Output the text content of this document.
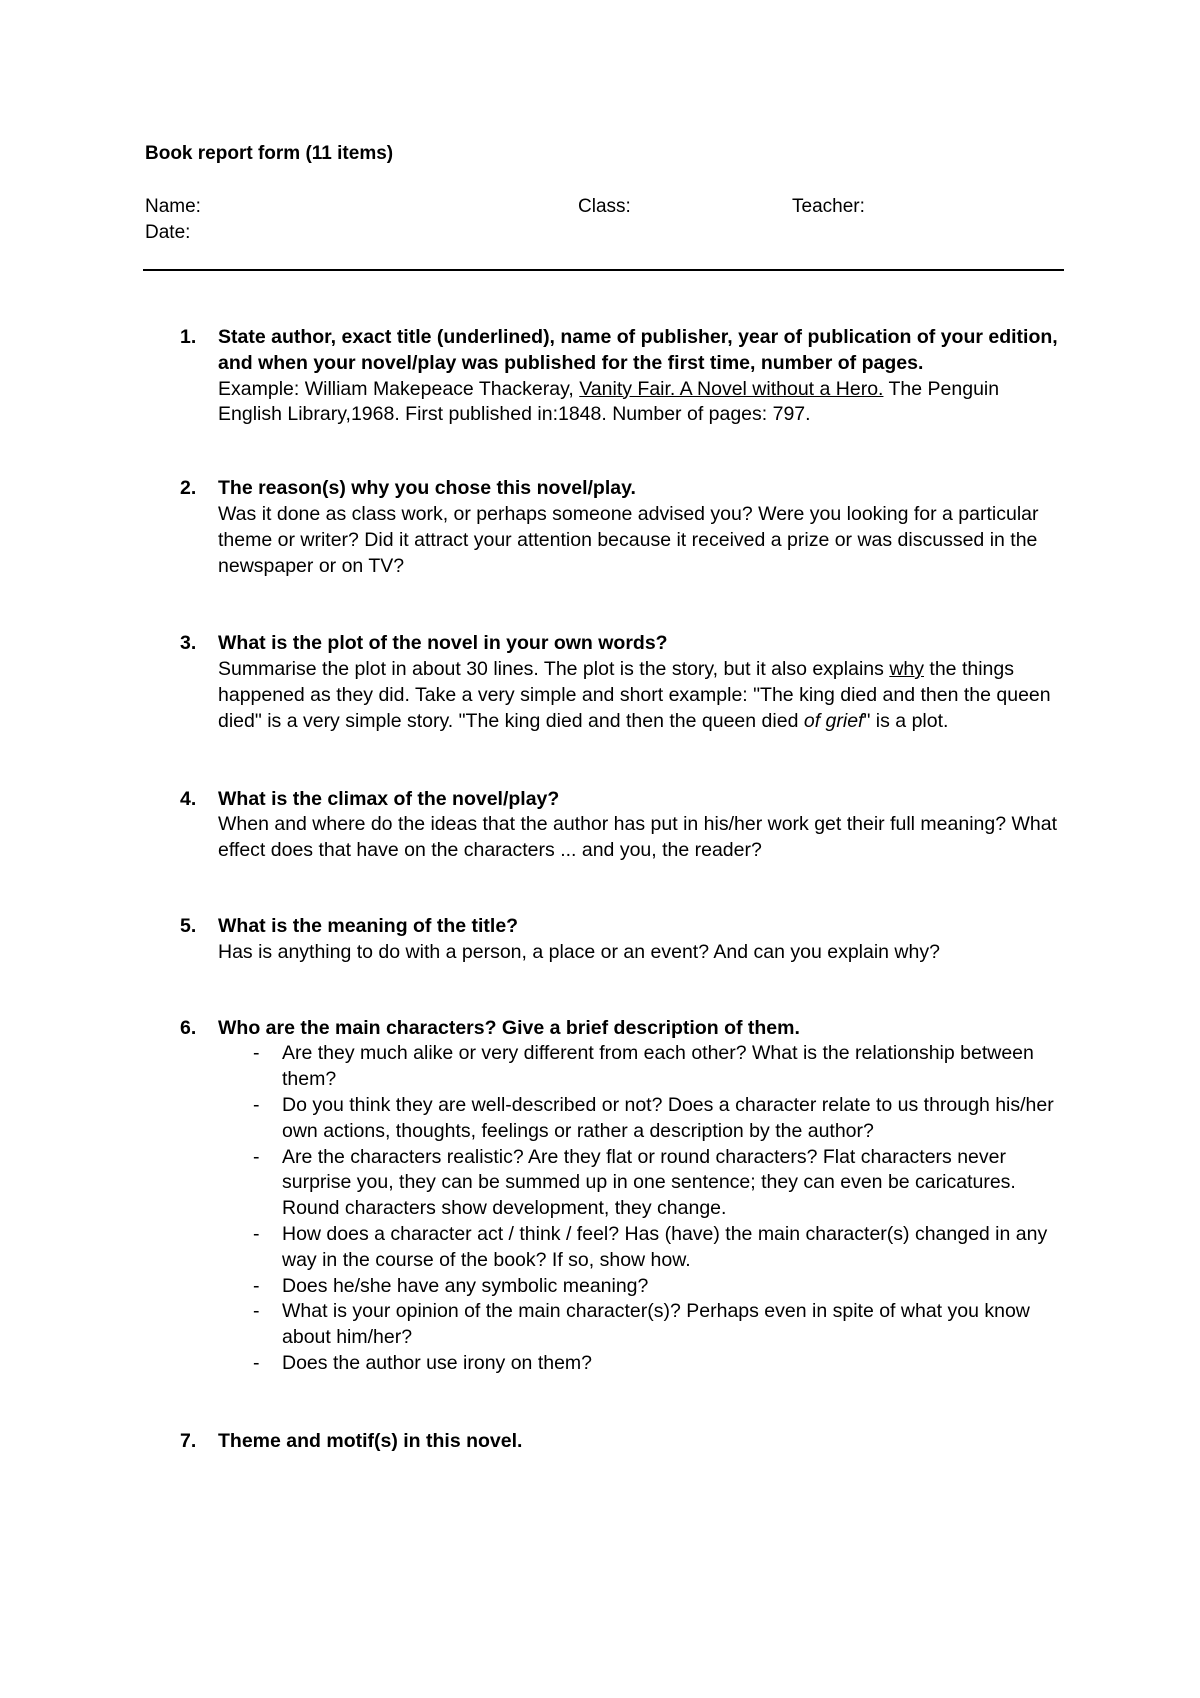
Book report form (11 items)
Name:	Class:	Teacher:
Date:
1. State author, exact title (underlined), name of publisher, year of publication of your edition, and when your novel/play was published for the first time, number of pages.
Example: William Makepeace Thackeray, Vanity Fair. A Novel without a Hero. The Penguin English Library,1968. First published in:1848. Number of pages: 797.
2. The reason(s) why you chose this novel/play.
Was it done as class work, or perhaps someone advised you? Were you looking for a particular theme or writer? Did it attract your attention because it received a prize or was discussed in the newspaper or on TV?
3. What is the plot of the novel in your own words?
Summarise the plot in about 30 lines. The plot is the story, but it also explains why the things happened as they did. Take a very simple and short example: "The king died and then the queen died" is a very simple story. "The king died and then the queen died of grief" is a plot.
4. What is the climax of the novel/play?
When and where do the ideas that the author has put in his/her work get their full meaning? What effect does that have on the characters ... and you, the reader?
5. What is the meaning of the title?
Has is anything to do with a person, a place or an event? And can you explain why?
6. Who are the main characters? Give a brief description of them.
- Are they much alike or very different from each other? What is the relationship between them?
- Do you think they are well-described or not? Does a character relate to us through his/her own actions, thoughts, feelings or rather a description by the author?
- Are the characters realistic? Are they flat or round characters? Flat characters never surprise you, they can be summed up in one sentence; they can even be caricatures. Round characters show development, they change.
- How does a character act / think / feel? Has (have) the main character(s) changed in any way in the course of the book? If so, show how.
- Does he/she have any symbolic meaning?
- What is your opinion of the main character(s)? Perhaps even in spite of what you know about him/her?
- Does the author use irony on them?
7. Theme and motif(s) in this novel.
